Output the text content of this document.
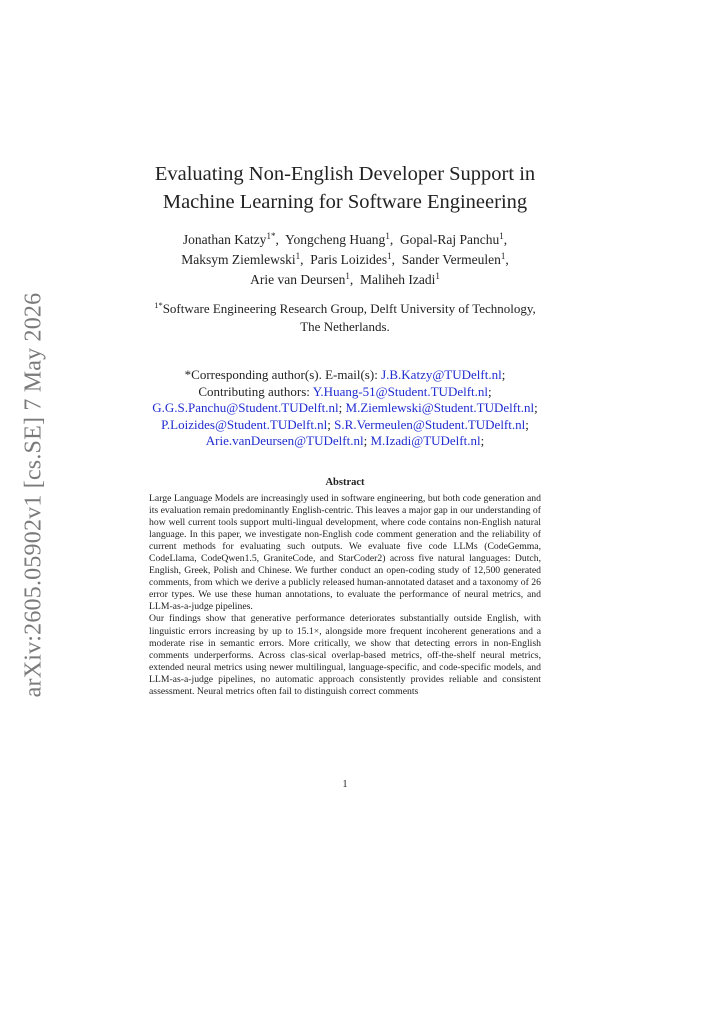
arXiv:2605.05902v1 [cs.SE] 7 May 2026
Evaluating Non-English Developer Support in
Machine Learning for Software Engineering
Jonathan Katzy$^{1*}$,  Yongcheng Huang$^1$,  Gopal-Raj Panchu$^1$,
Maksym Ziemlewski$^1$,  Paris Loizides$^1$,  Sander Vermeulen$^1$,
Arie van Deursen$^1$,  Maliheh Izadi$^1$
$^{1*}$Software Engineering Research Group, Delft University of Technology,
The Netherlands.
*Corresponding author(s). E-mail(s): J.B.Katzy@TUDelft.nl;
Contributing authors: Y.Huang-51@Student.TUDelft.nl;
G.G.S.Panchu@Student.TUDelft.nl; M.Ziemlewski@Student.TUDelft.nl;
P.Loizides@Student.TUDelft.nl; S.R.Vermeulen@Student.TUDelft.nl;
Arie.vanDeursen@TUDelft.nl; M.Izadi@TUDelft.nl;
Abstract

Large Language Models are increasingly used in software engineering, but both code generation and its evaluation remain predominantly English-centric. This leaves a major gap in our understanding of how well current tools support multi-lingual development, where code contains non-English natural language. In this paper, we investigate non-English code comment generation and the reliability of current methods for evaluating such outputs. We evaluate five code LLMs (CodeGemma, CodeLlama, CodeQwen1.5, GraniteCode, and StarCoder2) across five natural languages: Dutch, English, Greek, Polish and Chinese. We further conduct an open-coding study of 12,500 generated comments, from which we derive a publicly released human-annotated dataset and a taxonomy of 26 error types. We use these human annotations, to evaluate the performance of neural metrics, and LLM-as-a-judge pipelines.

Our findings show that generative performance deteriorates substantially outside English, with linguistic errors increasing by up to 15.1×, alongside more frequent incoherent generations and a moderate rise in semantic errors. More critically, we show that detecting errors in non-English comments underperforms. Across clas-sical overlap-based metrics, off-the-shelf neural metrics, extended neural metrics using newer multilingual, language-specific, and code-specific models, and LLM-as-a-judge pipelines, no automatic approach consistently provides reliable and consistent assessment. Neural metrics often fail to distinguish correct comments

1
